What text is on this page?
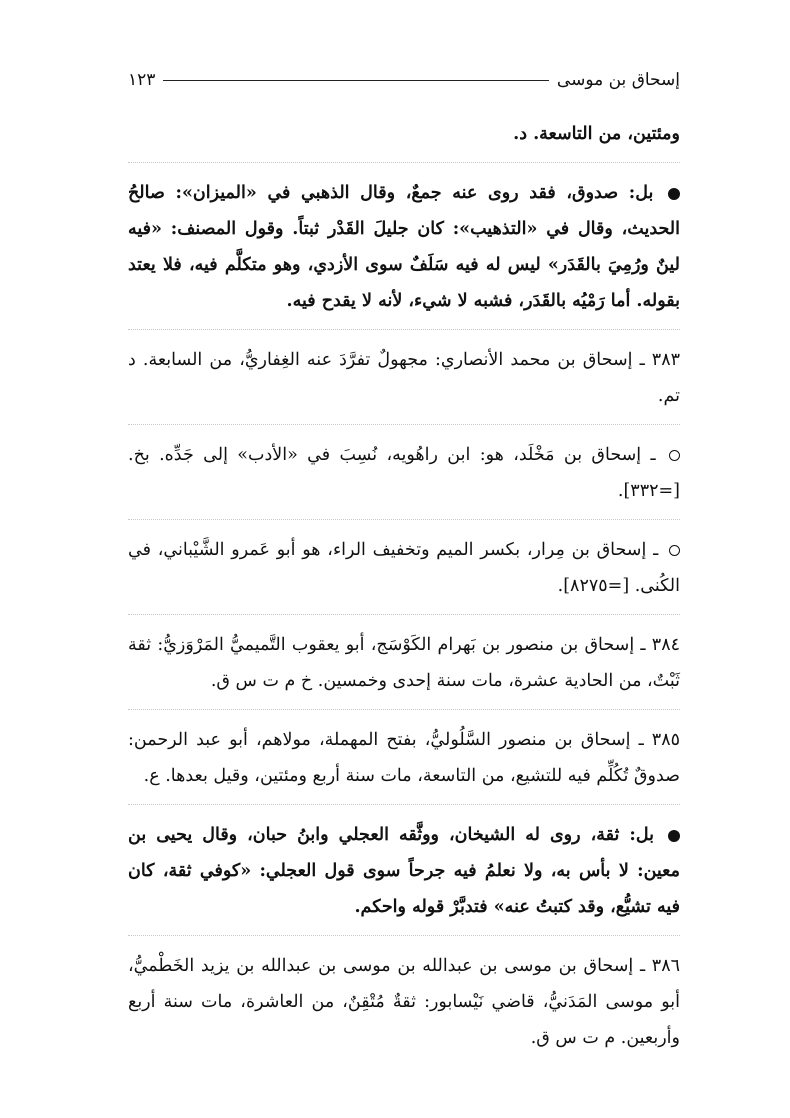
إسحاق بن موسى
١٢٣

ومئتين، من التاسعة. د.

بل: صدوق، فقد روى عنه جمعٌ، وقال الذهبي في «الميزان»: صالحُ الحديث، وقال في «التذهيب»: كان جليلَ القَدْر ثبتاً. وقول المصنف: «فيه لينٌ ورُمِيَ بالقَدَر» ليس له فيه سَلَفٌ سوى الأزدي، وهو متكلَّم فيه، فلا يعتد بقوله. أما رَمْيُه بالقَدَر، فشبه لا شيء، لأنه لا يقدح فيه.

٣٨٣ ـ إسحاق بن محمد الأنصاري: مجهولٌ تفرَّدَ عنه الغِفاريُّ، من السابعة. د تم.

ـ إسحاق بن مَخْلَد، هو: ابن راهُويه، نُسِبَ في «الأدب» إلى جَدِّه. بخ. [=٣٣٢].

ـ إسحاق بن مِرار، بكسر الميم وتخفيف الراء، هو أبو عَمرو الشَّيْباني، في الكُنى. [=٨٢٧٥].

٣٨٤ ـ إسحاق بن منصور بن بَهرام الكَوْسَج، أبو يعقوب التَّميميُّ المَرْوَزيُّ: ثقة ثَبْتٌ، من الحادية عشرة، مات سنة إحدى وخمسين. خ م ت س ق.

٣٨٥ ـ إسحاق بن منصور السَّلُوليُّ، بفتح المهملة، مولاهم، أبو عبد الرحمن: صدوقٌ تُكُلِّم فيه للتشيع، من التاسعة، مات سنة أربع ومئتين، وقيل بعدها. ع.

بل: ثقة، روى له الشيخان، ووثَّقه العجلي وابنُ حبان، وقال يحيى بن معين: لا بأس به، ولا نعلمُ فيه جرحاً سوى قول العجلي: «كوفي ثقة، كان فيه تشيُّع، وقد كتبتُ عنه» فتدبَّرْ قوله واحكم.

٣٨٦ ـ إسحاق بن موسى بن عبدالله بن موسى بن عبدالله بن يزيد الخَطْميُّ، أبو موسى المَدَنيُّ، قاضي نَيْسابور: ثقةٌ مُتْقِنٌ، من العاشرة، مات سنة أربع وأربعين. م ت س ق.
